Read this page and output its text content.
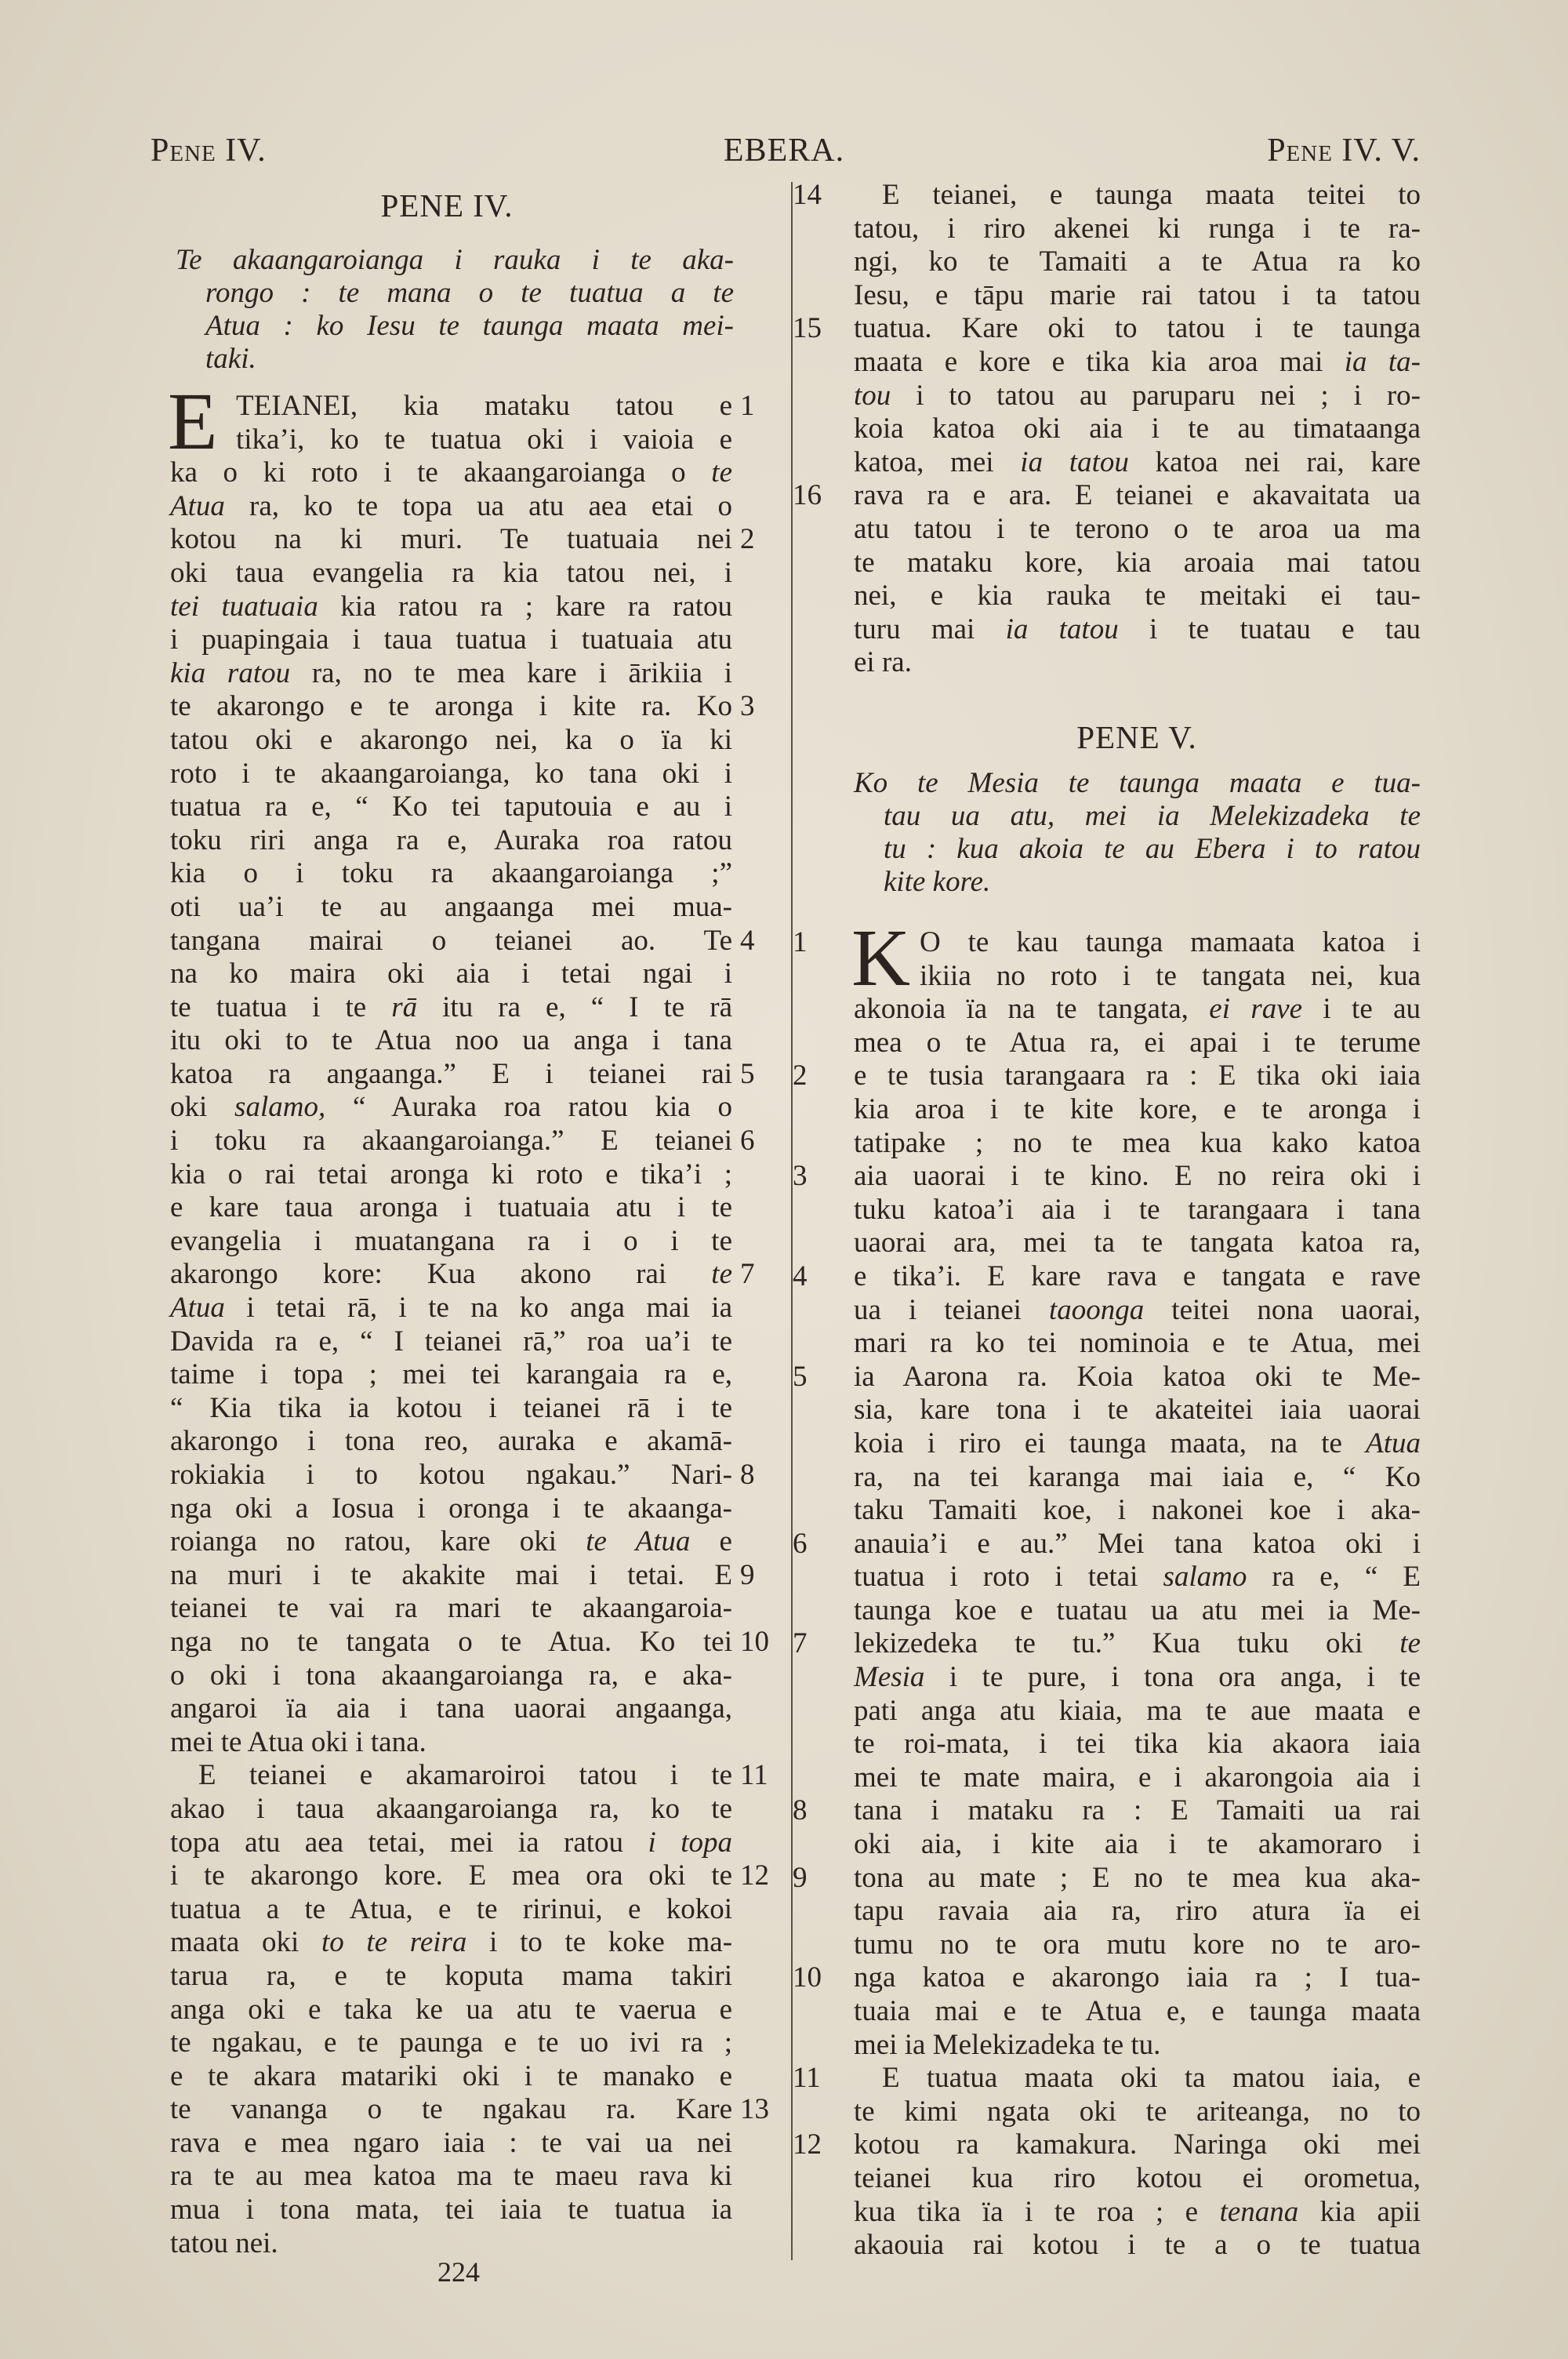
Pene IV.	EBERA.	Pene IV. V.
PENE IV.
Te akaangaroianga i rauka i te aka-
rongo : te mana o te tuatua a te
Atua : ko Iesu te taunga maata mei-
taki.
E TEIANEI, kia mataku tatou e 1
tika’i, ko te tuatua oki i vaioia e
ka o ki roto i te akaangaroianga o te
Atua ra, ko te topa ua atu aea etai o
kotou na ki muri. Te tuatuaia nei 2
oki taua evangelia ra kia tatou nei, i
tei tuatuaia kia ratou ra ; kare ra ratou
i puapingaia i taua tuatua i tuatuaia atu
kia ratou ra, no te mea kare i ārikiia i
te akarongo e te aronga i kite ra. Ko 3
tatou oki e akarongo nei, ka o ïa ki
roto i te akaangaroianga, ko tana oki i
tuatua ra e, “ Ko tei taputouia e au i
toku riri anga ra e, Auraka roa ratou
kia o i toku ra akaangaroianga ;”
oti ua’i te au angaanga mei mua-
tangana mairai o teianei ao. Te 4
na ko maira oki aia i tetai ngai i
te tuatua i te rā itu ra e, “ I te rā
itu oki to te Atua noo ua anga i tana
katoa ra angaanga.” E i teianei rai 5
oki salamo, “ Auraka roa ratou kia o
i toku ra akaangaroianga.” E teianei 6
kia o rai tetai aronga ki roto e tika’i ;
e kare taua aronga i tuatuaia atu i te
evangelia i muatangana ra i o i te
akarongo kore: Kua akono rai te 7
Atua i tetai rā, i te na ko anga mai ia
Davida ra e, “ I teianei rā,” roa ua’i te
taime i topa ; mei tei karangaia ra e,
“ Kia tika ia kotou i teianei rā i te
akarongo i tona reo, auraka e akamā-
rokiakia i to kotou ngakau.” Nari- 8
nga oki a Iosua i oronga i te akaanga-
roianga no ratou, kare oki te Atua e
na muri i te akakite mai i tetai. E 9
teianei te vai ra mari te akaangaroia-
nga no te tangata o te Atua. Ko tei 10
o oki i tona akaangaroianga ra, e aka-
angaroi ïa aia i tana uaorai angaanga,
mei te Atua oki i tana.
E teianei e akamaroiroi tatou i te 11
akao i taua akaangaroianga ra, ko te
topa atu aea tetai, mei ia ratou i topa
i te akarongo kore. E mea ora oki te 12
tuatua a te Atua, e te ririnui, e kokoi
maata oki to te reira i to te koke ma-
tarua ra, e te koputa mama takiri
anga oki e taka ke ua atu te vaerua e
te ngakau, e te paunga e te uo ivi ra ;
e te akara matariki oki i te manako e
te vananga o te ngakau ra. Kare 13
rava e mea ngaro iaia : te vai ua nei
ra te au mea katoa ma te maeu rava ki
mua i tona mata, tei iaia te tuatua ia
tatou nei.
224
E teianei, e taunga maata teitei to
14
tatou, i riro akenei ki runga i te ra-
ngi, ko te Tamaiti a te Atua ra ko
Iesu, e tāpu marie rai tatou i ta tatou
tuatua. Kare oki to tatou i te taunga
15
maata e kore e tika kia aroa mai ia ta-
tou i to tatou au paruparu nei ; i ro-
koia katoa oki aia i te au timataanga
katoa, mei ia tatou katoa nei rai, kare
rava ra e ara. E teianei e akavaitata ua
16
atu tatou i te terono o te aroa ua ma
te mataku kore, kia aroaia mai tatou
nei, e kia rauka te meitaki ei tau-
turu mai ia tatou i te tuatau e tau
ei ra.
PENE V.
Ko te Mesia te taunga maata e tua-
tau ua atu, mei ia Melekizadeka te
tu : kua akoia te au Ebera i to ratou
kite kore.
K O te kau taunga mamaata katoa i
1
ikiia no roto i te tangata nei, kua
akonoia ïa na te tangata, ei rave i te au
mea o te Atua ra, ei apai i te terume
e te tusia tarangaara ra : E tika oki iaia
2
kia aroa i te kite kore, e te aronga i
tatipake ; no te mea kua kako katoa
aia uaorai i te kino. E no reira oki i
3
tuku katoa’i aia i te tarangaara i tana
uaorai ara, mei ta te tangata katoa ra,
e tika’i. E kare rava e tangata e rave
4
ua i teianei taoonga teitei nona uaorai,
mari ra ko tei nominoia e te Atua, mei
ia Aarona ra. Koia katoa oki te Me-
5
sia, kare tona i te akateitei iaia uaorai
koia i riro ei taunga maata, na te Atua
ra, na tei karanga mai iaia e, “ Ko
taku Tamaiti koe, i nakonei koe i aka-
anauia’i e au.” Mei tana katoa oki i
6
tuatua i roto i tetai salamo ra e, “ E
taunga koe e tuatau ua atu mei ia Me-
lekizedeka te tu.” Kua tuku oki te
7
Mesia i te pure, i tona ora anga, i te
pati anga atu kiaia, ma te aue maata e
te roi-mata, i tei tika kia akaora iaia
mei te mate maira, e i akarongoia aia i
tana i mataku ra : E Tamaiti ua rai
8
oki aia, i kite aia i te akamoraro i
tona au mate ; E no te mea kua aka-
9
tapu ravaia aia ra, riro atura ïa ei
tumu no te ora mutu kore no te aro-
nga katoa e akarongo iaia ra ; I tua-
10
tuaia mai e te Atua e, e taunga maata
mei ia Melekizadeka te tu.
E tuatua maata oki ta matou iaia, e
11
te kimi ngata oki te ariteanga, no to
kotou ra kamakura. Naringa oki mei
12
teianei kua riro kotou ei orometua,
kua tika ïa i te roa ; e tenana kia apii
akaouia rai kotou i te a o te tuatua
